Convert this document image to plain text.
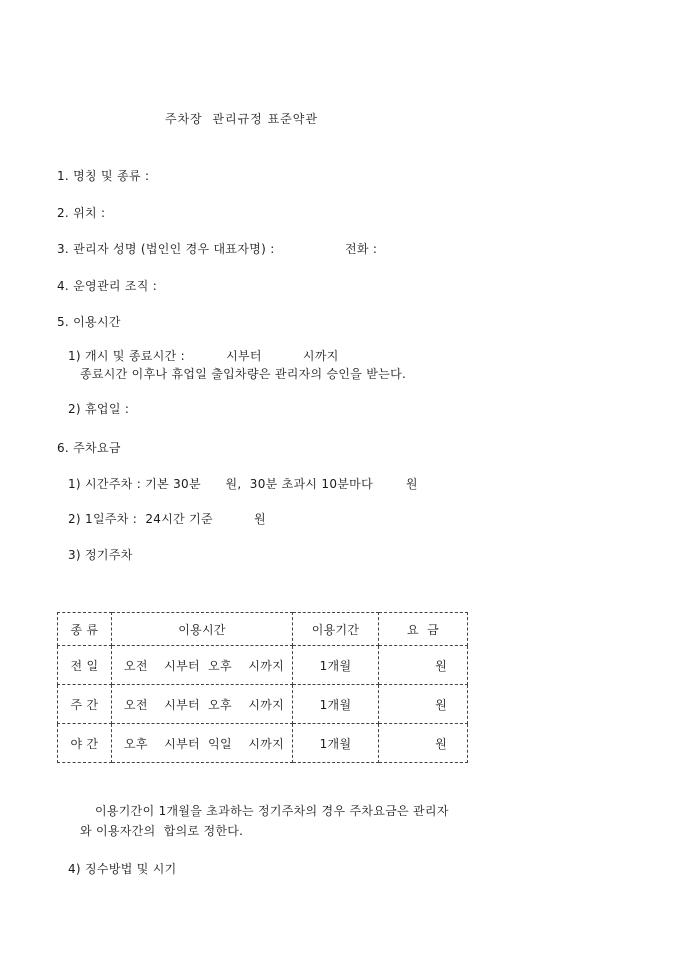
주차장  관리규정 표준약관
1. 명칭 및 종류 :
2. 위치 :
3. 관리자 성명 (법인인 경우 대표자명) :	전화 :
4. 운영관리 조직 :
5. 이용시간
1) 개시 및 종료시간 :          시부터          시까지
종료시간 이후나 휴업일 출입차량은 관리자의 승인을 받는다.
2) 휴업일 :
6. 주차요금
1) 시간주차 : 기본 30분      원,  30분 초과시 10분마다        원
2) 1일주차 :  24시간 기준          원
3) 정기주차
종 류	이용시간	이용기간	요  금
전 일	오전    시부터  오후    시까지	1개월	원
주 간	오전    시부터  오후    시까지	1개월	원
야 간	오후    시부터  익일    시까지	1개월	원
이용기간이 1개월을 초과하는 정기주차의 경우 주차요금은 관리자
와 이용자간의  합의로 정한다.
4) 징수방법 및 시기
